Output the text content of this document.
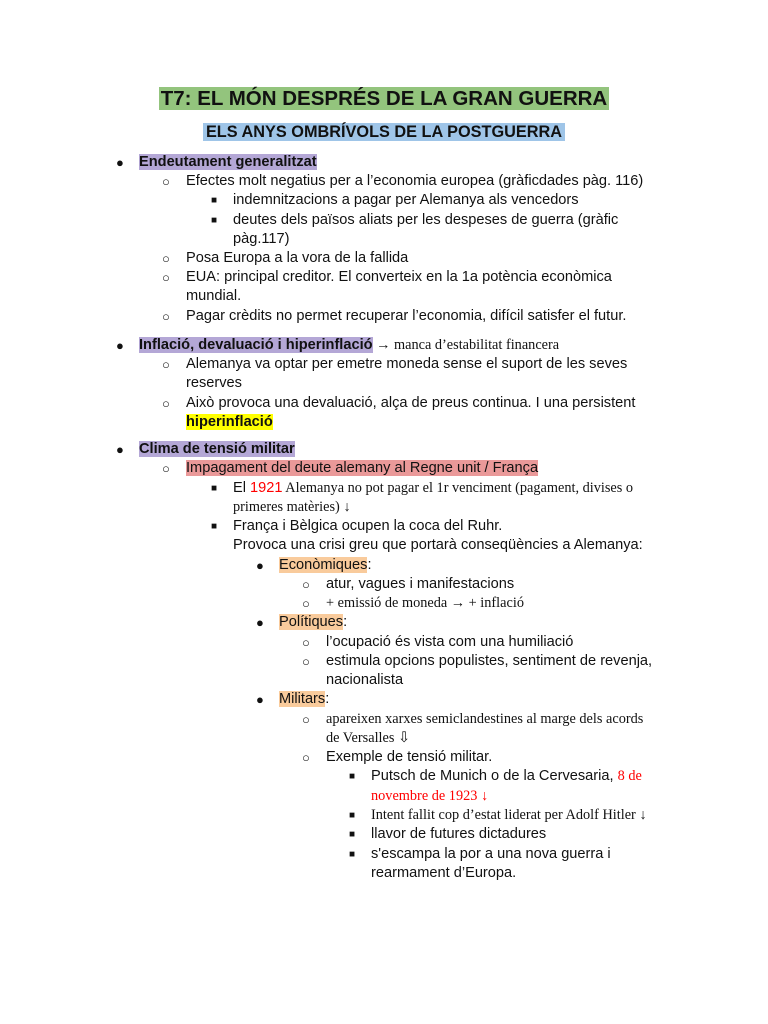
T7: EL MÓN DESPRÉS DE LA GRAN GUERRA
ELS ANYS OMBRÍVOLS DE LA POSTGUERRA
● Endeutament generalitzat
○ Efectes molt negatius per a l’economia europea (gràficdades pàg. 116)
■ indemnitzacions a pagar per Alemanya als vencedors
■ deutes dels països aliats per les despeses de guerra (gràfic
pàg.117)
○ Posa Europa a la vora de la fallida
○ EUA: principal creditor. El converteix en la 1a potència econòmica
mundial.
○ Pagar crèdits no permet recuperar l’economia, difícil satisfer el futur.
● Inflació, devaluació i hiperinflació → manca d’estabilitat financera
○ Alemanya va optar per emetre moneda sense el suport de les seves
reserves
○ Això provoca una devaluació, alça de preus continua. I una persistent
hiperinflació
● Clima de tensió militar
○ Impagament del deute alemany al Regne unit / França
■ El 1921 Alemanya no pot pagar el 1r venciment (pagament, divises o
primeres matèries) ↓
■ França i Bèlgica ocupen la coca del Ruhr.
Provoca una crisi greu que portarà conseqüències a Alemanya:
● Econòmiques:
○ atur, vagues i manifestacions
○ + emissió de moneda → + inflació
● Polítiques:
○ l’ocupació és vista com una humiliació
○ estimula opcions populistes, sentiment de revenja,
nacionalista
● Militars:
○ apareixen xarxes semiclandestines al marge dels acords
de Versalles ⇩
○ Exemple de tensió militar.
■ Putsch de Munich o de la Cervesaria, 8 de
novembre de 1923 ↓
■ Intent fallit cop d’estat liderat per Adolf Hitler ↓
■ llavor de futures dictadures
■ s'escampa la por a una nova guerra i
rearmament d’Europa.
